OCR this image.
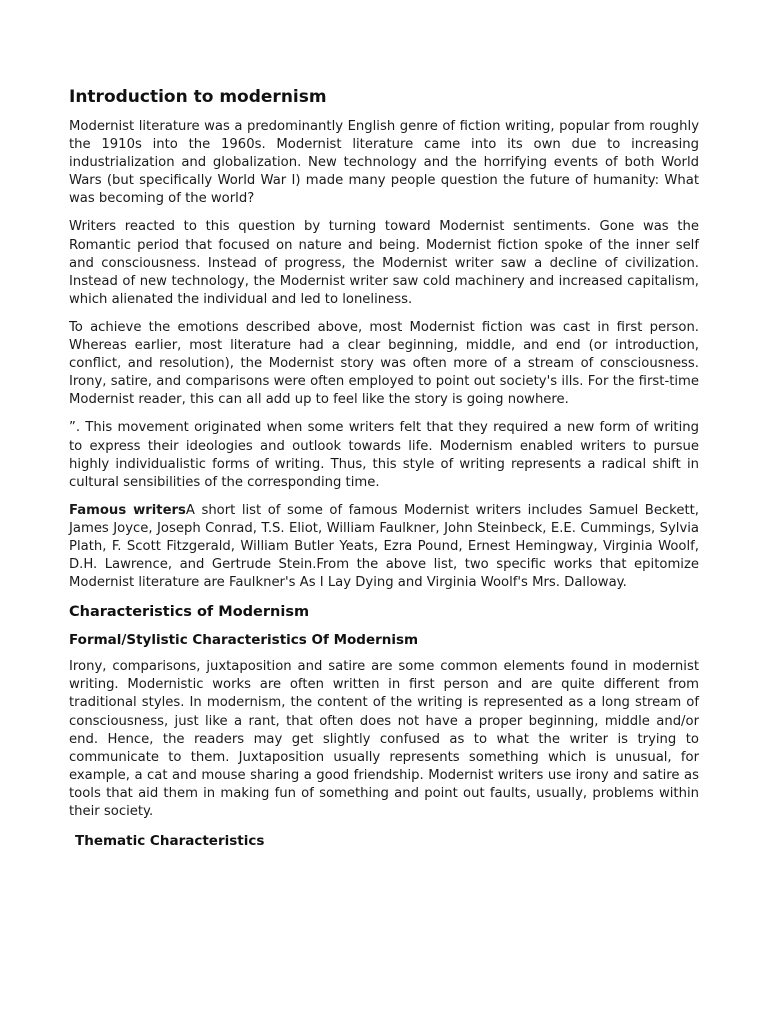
Introduction to modernism

Modernist literature was a predominantly English genre of fiction writing, popular from roughly the 1910s into the 1960s. Modernist literature came into its own due to increasing industrialization and globalization. New technology and the horrifying events of both World Wars (but specifically World War I) made many people question the future of humanity: What was becoming of the world?

Writers reacted to this question by turning toward Modernist sentiments. Gone was the Romantic period that focused on nature and being. Modernist fiction spoke of the inner self and consciousness. Instead of progress, the Modernist writer saw a decline of civilization. Instead of new technology, the Modernist writer saw cold machinery and increased capitalism, which alienated the individual and led to loneliness.

To achieve the emotions described above, most Modernist fiction was cast in first person. Whereas earlier, most literature had a clear beginning, middle, and end (or introduction, conflict, and resolution), the Modernist story was often more of a stream of consciousness. Irony, satire, and comparisons were often employed to point out society's ills. For the first-time Modernist reader, this can all add up to feel like the story is going nowhere.

”. This movement originated when some writers felt that they required a new form of writing to express their ideologies and outlook towards life. Modernism enabled writers to pursue highly individualistic forms of writing. Thus, this style of writing represents a radical shift in cultural sensibilities of the corresponding time.

Famous writersA short list of some of famous Modernist writers includes Samuel Beckett, James Joyce, Joseph Conrad, T.S. Eliot, William Faulkner, John Steinbeck, E.E. Cummings, Sylvia Plath, F. Scott Fitzgerald, William Butler Yeats, Ezra Pound, Ernest Hemingway, Virginia Woolf, D.H. Lawrence, and Gertrude Stein.From the above list, two specific works that epitomize Modernist literature are Faulkner's As I Lay Dying and Virginia Woolf's Mrs. Dalloway.

Characteristics of Modernism
Formal/Stylistic Characteristics Of Modernism

Irony, comparisons, juxtaposition and satire are some common elements found in modernist writing. Modernistic works are often written in first person and are quite different from traditional styles. In modernism, the content of the writing is represented as a long stream of consciousness, just like a rant, that often does not have a proper beginning, middle and/or end. Hence, the readers may get slightly confused as to what the writer is trying to communicate to them. Juxtaposition usually represents something which is unusual, for example, a cat and mouse sharing a good friendship. Modernist writers use irony and satire as tools that aid them in making fun of something and point out faults, usually, problems within their society.

Thematic Characteristics
